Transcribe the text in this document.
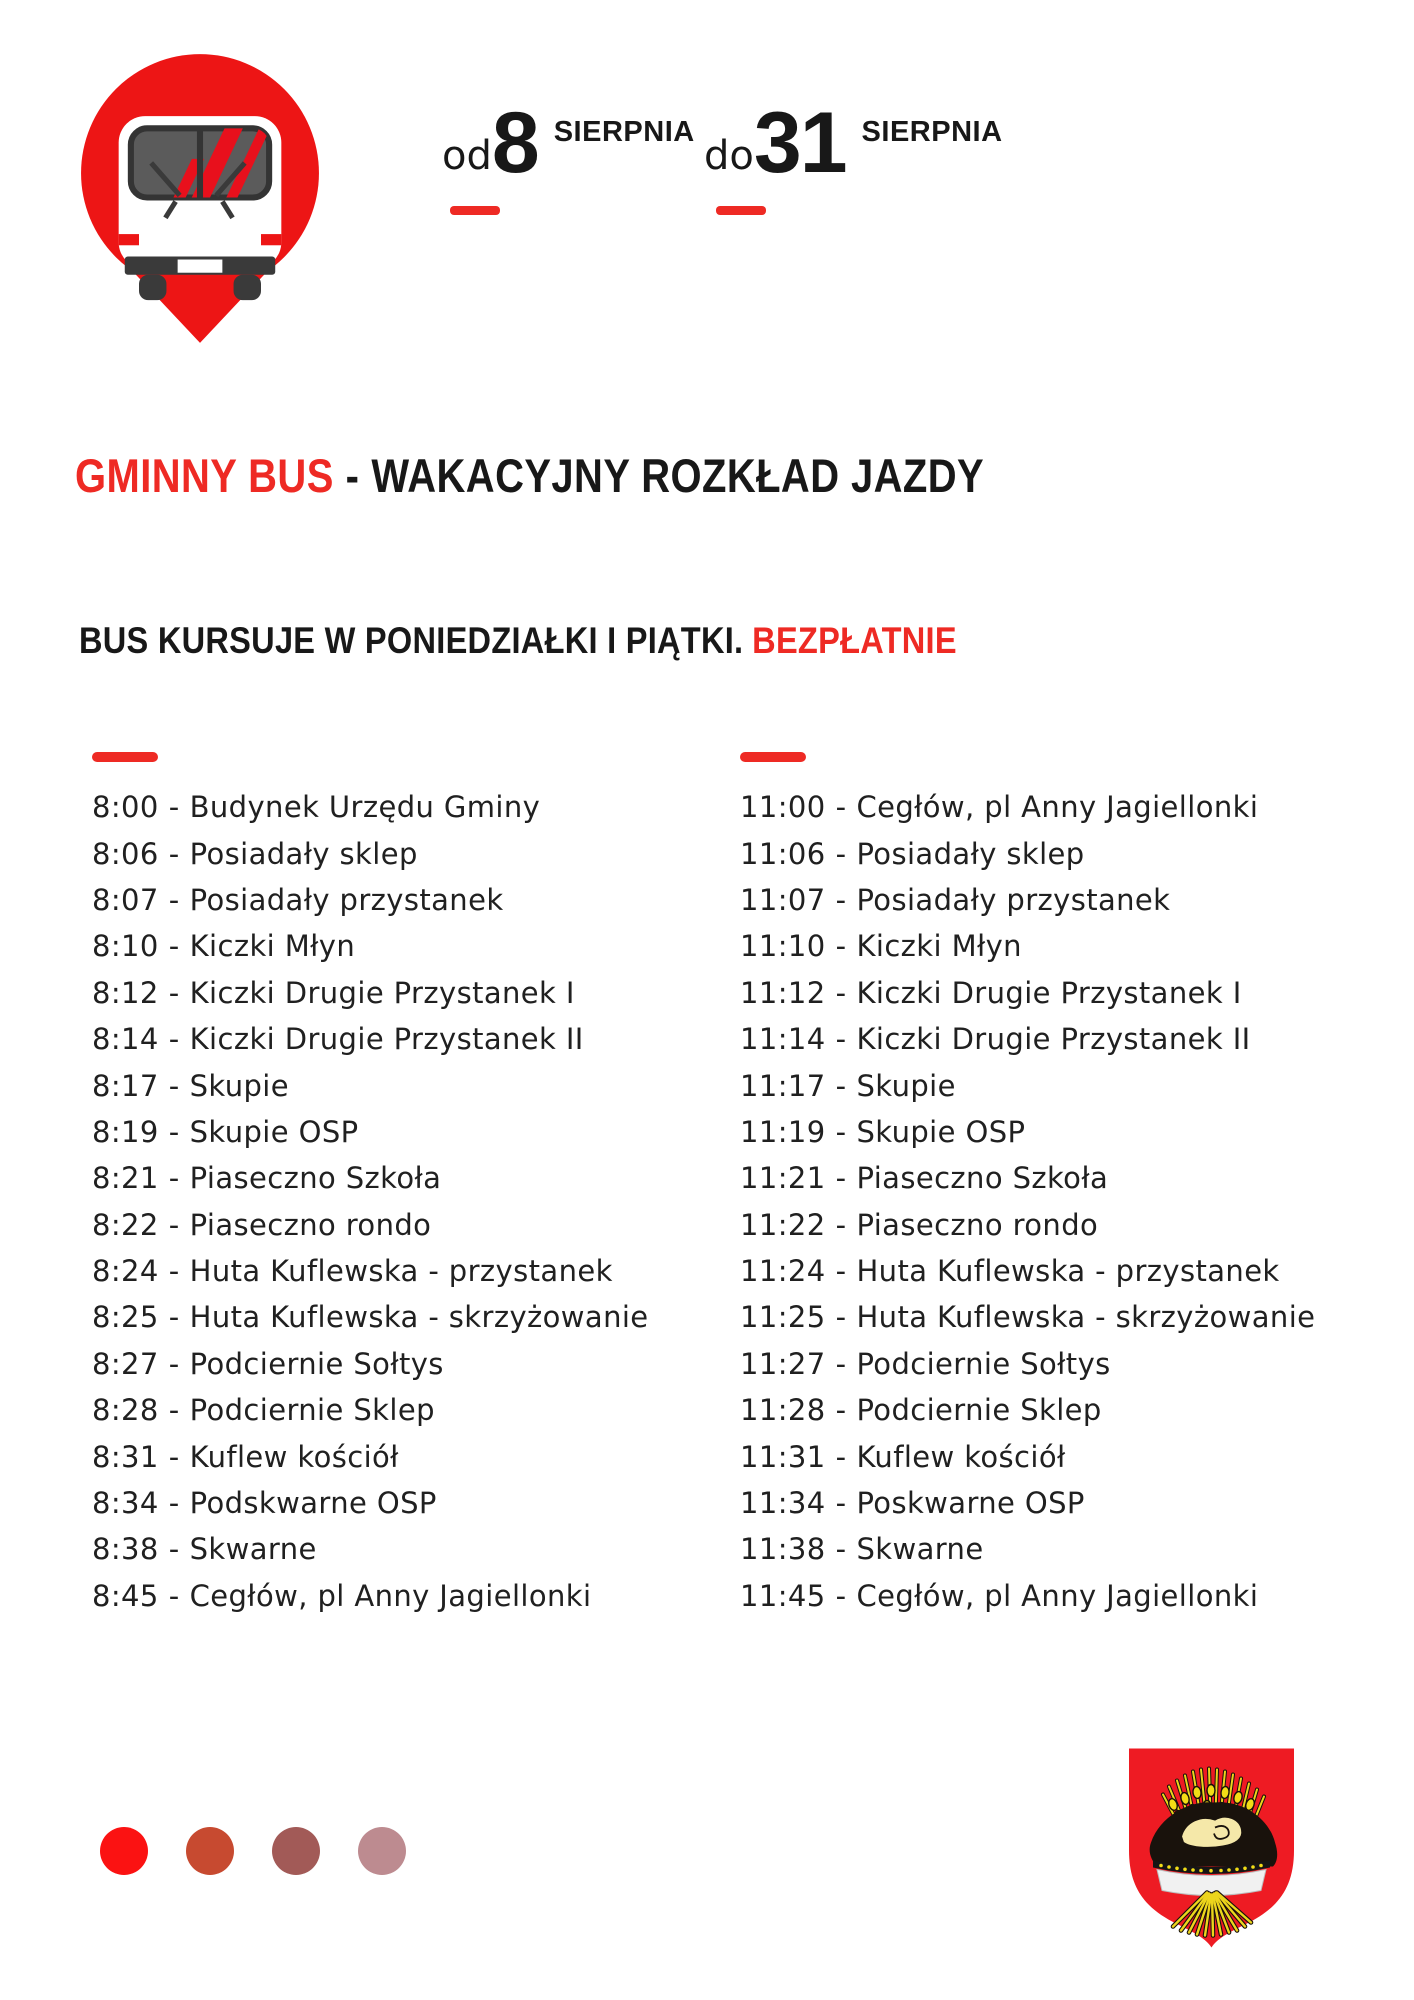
od 8 SIERPNIA
do 31 SIERPNIA
GMINNY BUS - WAKACYJNY ROZKŁAD JAZDY
BUS KURSUJE W PONIEDZIAŁKI I PIĄTKI. BEZPŁATNIE
8:00 - Budynek Urzędu Gminy
8:06 - Posiadały sklep
8:07 - Posiadały przystanek
8:10 - Kiczki Młyn
8:12 - Kiczki Drugie Przystanek I
8:14 - Kiczki Drugie Przystanek II
8:17 - Skupie
8:19 - Skupie OSP
8:21 - Piaseczno Szkoła
8:22 - Piaseczno rondo
8:24 - Huta Kuflewska - przystanek
8:25 - Huta Kuflewska - skrzyżowanie
8:27 - Podciernie Sołtys
8:28 - Podciernie Sklep
8:31 - Kuflew kościół
8:34 - Podskwarne OSP
8:38 - Skwarne
8:45 - Cegłów, pl Anny Jagiellonki
11:00 - Cegłów, pl Anny Jagiellonki
11:06 - Posiadały sklep
11:07 - Posiadały przystanek
11:10 - Kiczki Młyn
11:12 - Kiczki Drugie Przystanek I
11:14 - Kiczki Drugie Przystanek II
11:17 - Skupie
11:19 - Skupie OSP
11:21 - Piaseczno Szkoła
11:22 - Piaseczno rondo
11:24 - Huta Kuflewska - przystanek
11:25 - Huta Kuflewska - skrzyżowanie
11:27 - Podciernie Sołtys
11:28 - Podciernie Sklep
11:31 - Kuflew kościół
11:34 - Poskwarne OSP
11:38 - Skwarne
11:45 - Cegłów, pl Anny Jagiellonki
